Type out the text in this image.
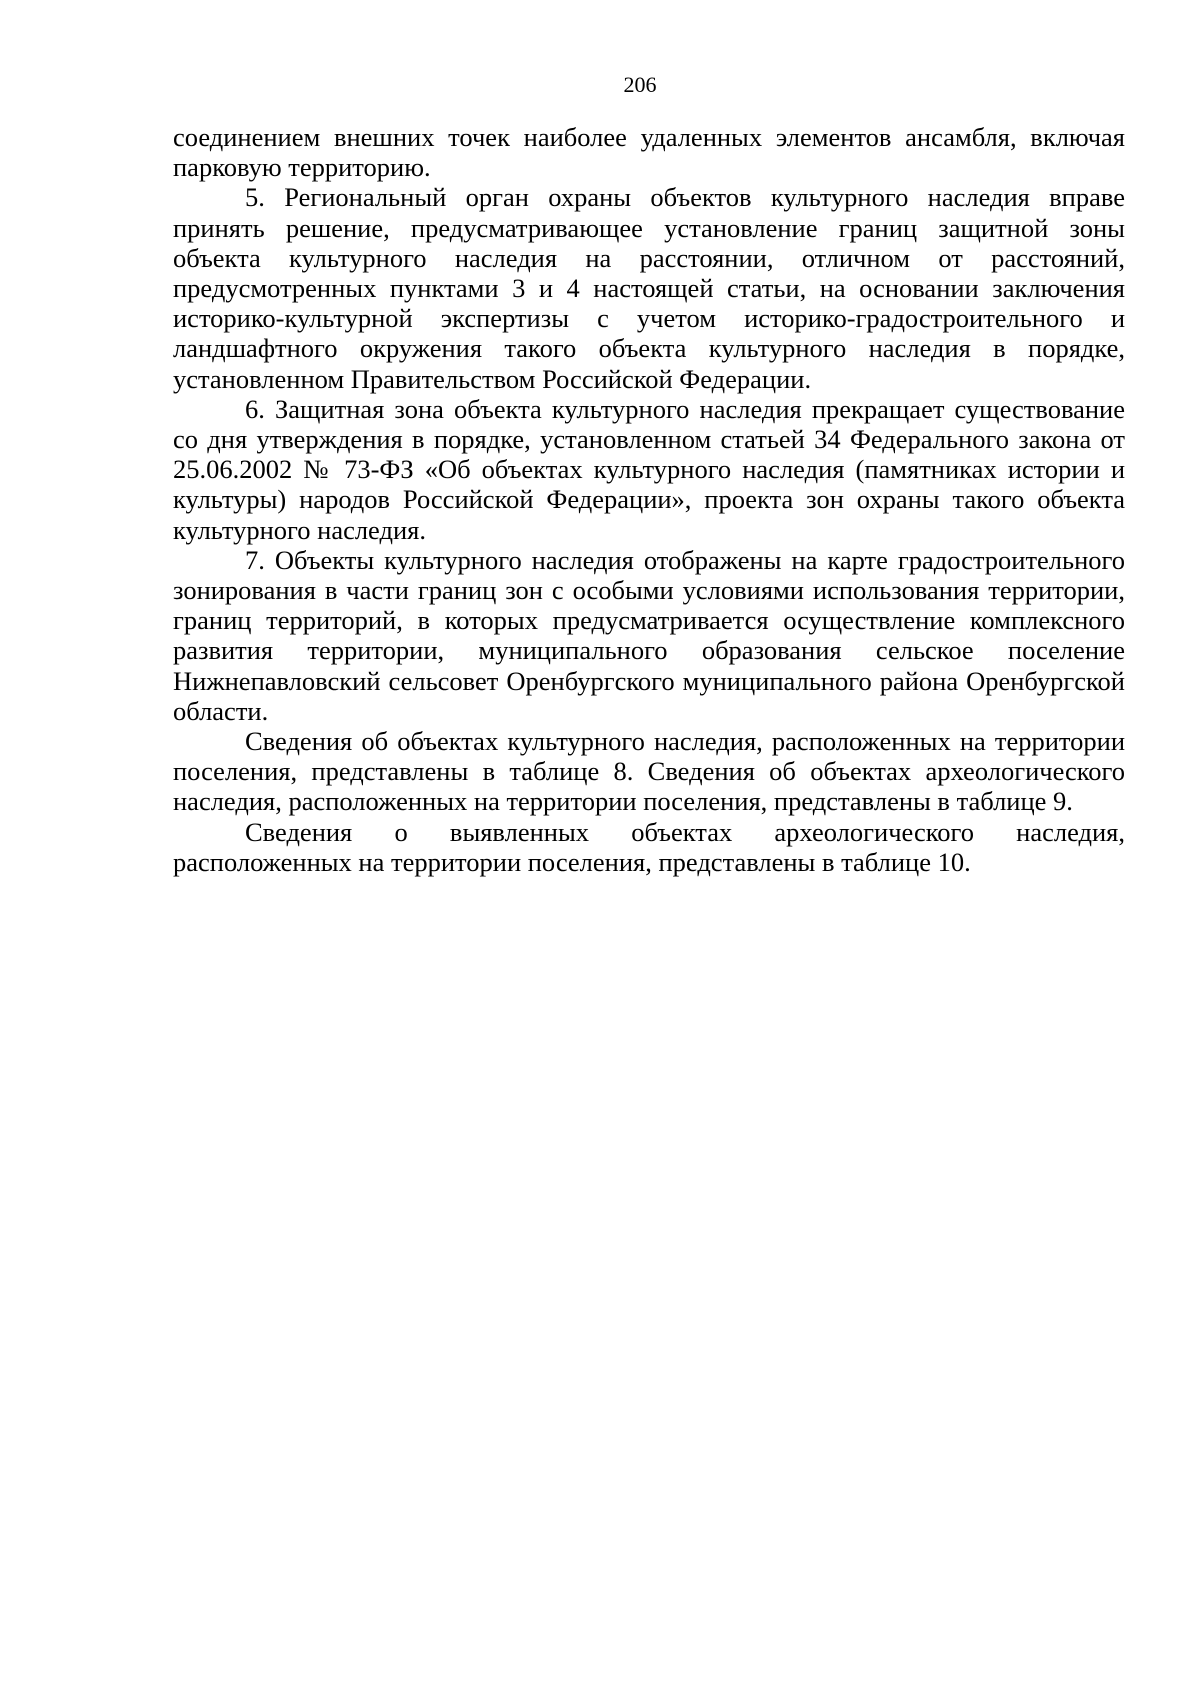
206

соединением внешних точек наиболее удаленных элементов ансамбля, включая парковую территорию.

5. Региональный орган охраны объектов культурного наследия вправе принять решение, предусматривающее установление границ защитной зоны объекта культурного наследия на расстоянии, отличном от расстояний, предусмотренных пунктами 3 и 4 настоящей статьи, на основании заключения историко-культурной экспертизы с учетом историко-градостроительного и ландшафтного окружения такого объекта культурного наследия в порядке, установленном Правительством Российской Федерации.

6. Защитная зона объекта культурного наследия прекращает существование со дня утверждения в порядке, установленном статьей 34 Федерального закона от 25.06.2002 № 73-ФЗ «Об объектах культурного наследия (памятниках истории и культуры) народов Российской Федерации», проекта зон охраны такого объекта культурного наследия.

7. Объекты культурного наследия отображены на карте градостроительного зонирования в части границ зон с особыми условиями использования территории, границ территорий, в которых предусматривается осуществление комплексного развития территории, муниципального образования сельское поселение Нижнепавловский сельсовет Оренбургского муниципального района Оренбургской области.

Сведения об объектах культурного наследия, расположенных на территории поселения, представлены в таблице 8. Сведения об объектах археологического наследия, расположенных на территории поселения, представлены в таблице 9.

Сведения о выявленных объектах археологического наследия, расположенных на территории поселения, представлены в таблице 10.
